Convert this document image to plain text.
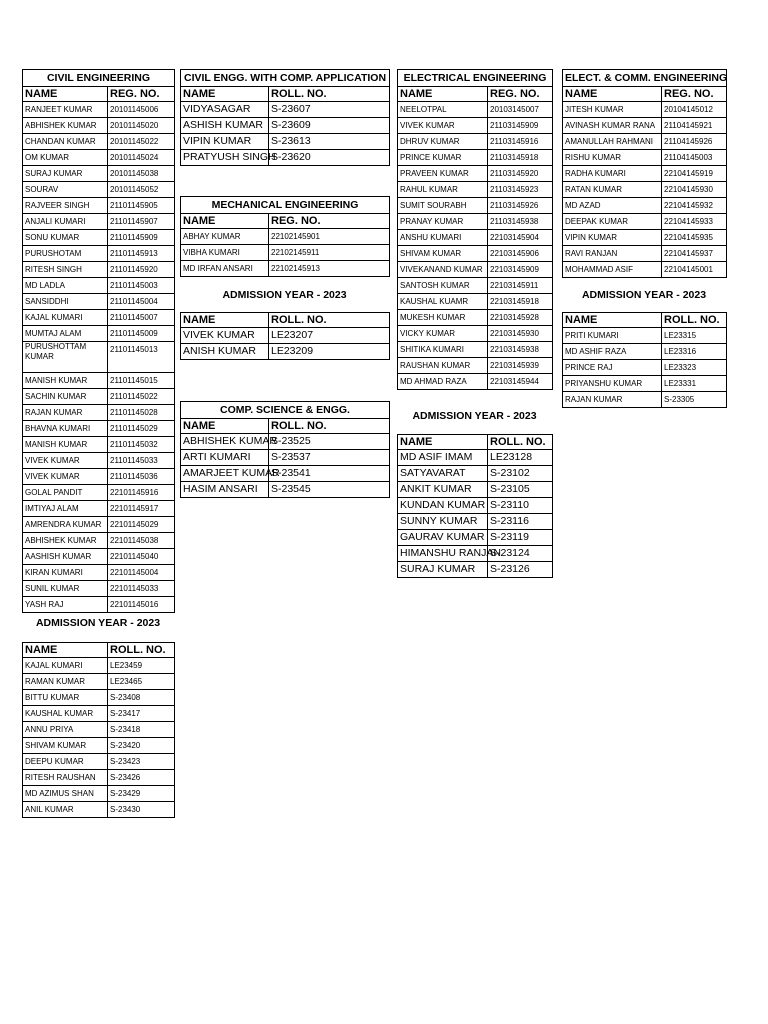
CIVIL ENGINEERING	
NAME	REG. NO.
RANJEET KUMAR	20101145006
ABHISHEK KUMAR	20101145020
CHANDAN KUMAR	20101145022
OM KUMAR	20101145024
SURAJ KUMAR	20101145038
SOURAV	20101145052
RAJVEER SINGH	21101145905
ANJALI KUMARI	21101145907
SONU KUMAR	21101145909
PURUSHOTAM	21101145913
RITESH SINGH	21101145920
MD LADLA	21101145003
SANSIDDHI	21101145004
KAJAL KUMARI	21101145007
MUMTAJ ALAM	21101145009
PURUSHOTTAM KUMAR	21101145013
MANISH KUMAR	21101145015
SACHIN KUMAR	21101145022
RAJAN KUMAR	21101145028
BHAVNA KUMARI	21101145029
MANISH KUMAR	21101145032
VIVEK KUMAR	21101145033
VIVEK KUMAR	21101145036
GOLAL PANDIT	22101145916
IMTIYAJ ALAM	22101145917
AMRENDRA KUMAR	22101145029
ABHISHEK KUMAR	22101145038
AASHISH KUMAR	22101145040
KIRAN KUMARI	22101145004
SUNIL KUMAR	22101145033
YASH RAJ	22101145016
ADMISSION YEAR - 2023
NAME	ROLL. NO.
KAJAL KUMARI	LE23459
RAMAN KUMAR	LE23465
BITTU KUMAR	S-23408
KAUSHAL KUMAR	S-23417
ANNU PRIYA	S-23418
SHIVAM KUMAR	S-23420
DEEPU KUMAR	S-23423
RITESH RAUSHAN	S-23426
MD AZIMUS SHAN	S-23429
ANIL KUMAR	S-23430
CIVIL ENGG. WITH COMP. APPLICATION	
NAME	ROLL. NO.
VIDYASAGAR	S-23607
ASHISH KUMAR	S-23609
VIPIN KUMAR	S-23613
PRATYUSH SINGH	S-23620
MECHANICAL ENGINEERING	
NAME	REG. NO.
ABHAY KUMAR	22102145901
VIBHA KUMARI	22102145911
MD IRFAN ANSARI	22102145913
ADMISSION YEAR - 2023
NAME	ROLL. NO.
VIVEK KUMAR	LE23207
ANISH KUMAR	LE23209
COMP. SCIENCE & ENGG.	
NAME	ROLL. NO.
ABHISHEK KUMAR	S-23525
ARTI KUMARI	S-23537
AMARJEET KUMAR	S-23541
HASIM ANSARI	S-23545
ELECTRICAL ENGINEERING	
NAME	REG. NO.
NEELOTPAL	20103145007
VIVEK KUMAR	21103145909
DHRUV KUMAR	21103145916
PRINCE KUMAR	21103145918
PRAVEEN KUMAR	21103145920
RAHUL KUMAR	21103145923
SUMIT SOURABH	21103145926
PRANAY KUMAR	21103145938
ANSHU KUMARI	22103145904
SHIVAM KUMAR	22103145906
VIVEKANAND KUMAR	22103145909
SANTOSH KUMAR	22103145911
KAUSHAL KUAMR	22103145918
MUKESH KUMAR	22103145928
VICKY KUMAR	22103145930
SHITIKA KUMARI	22103145938
RAUSHAN KUMAR	22103145939
MD AHMAD RAZA	22103145944
ADMISSION YEAR - 2023
NAME	ROLL. NO.
MD ASIF IMAM	LE23128
SATYAVARAT	S-23102
ANKIT KUMAR	S-23105
KUNDAN KUMAR	S-23110
SUNNY KUMAR	S-23116
GAURAV KUMAR	S-23119
HIMANSHU RANJAN	S-23124
SURAJ KUMAR	S-23126
ELECT. & COMM. ENGINEERING	
NAME	REG. NO.
JITESH KUMAR	20104145012
AVINASH KUMAR RANA	21104145921
AMANULLAH RAHMANI	21104145926
RISHU KUMAR	21104145003
RADHA KUMARI	22104145919
RATAN KUMAR	22104145930
MD AZAD	22104145932
DEEPAK KUMAR	22104145933
VIPIN KUMAR	22104145935
RAVI RANJAN	22104145937
MOHAMMAD ASIF	22104145001
ADMISSION YEAR - 2023
NAME	ROLL. NO.
PRITI KUMARI	LE23315
MD ASHIF RAZA	LE23316
PRINCE RAJ	LE23323
PRIYANSHU KUMAR	LE23331
RAJAN KUMAR	S-23305
